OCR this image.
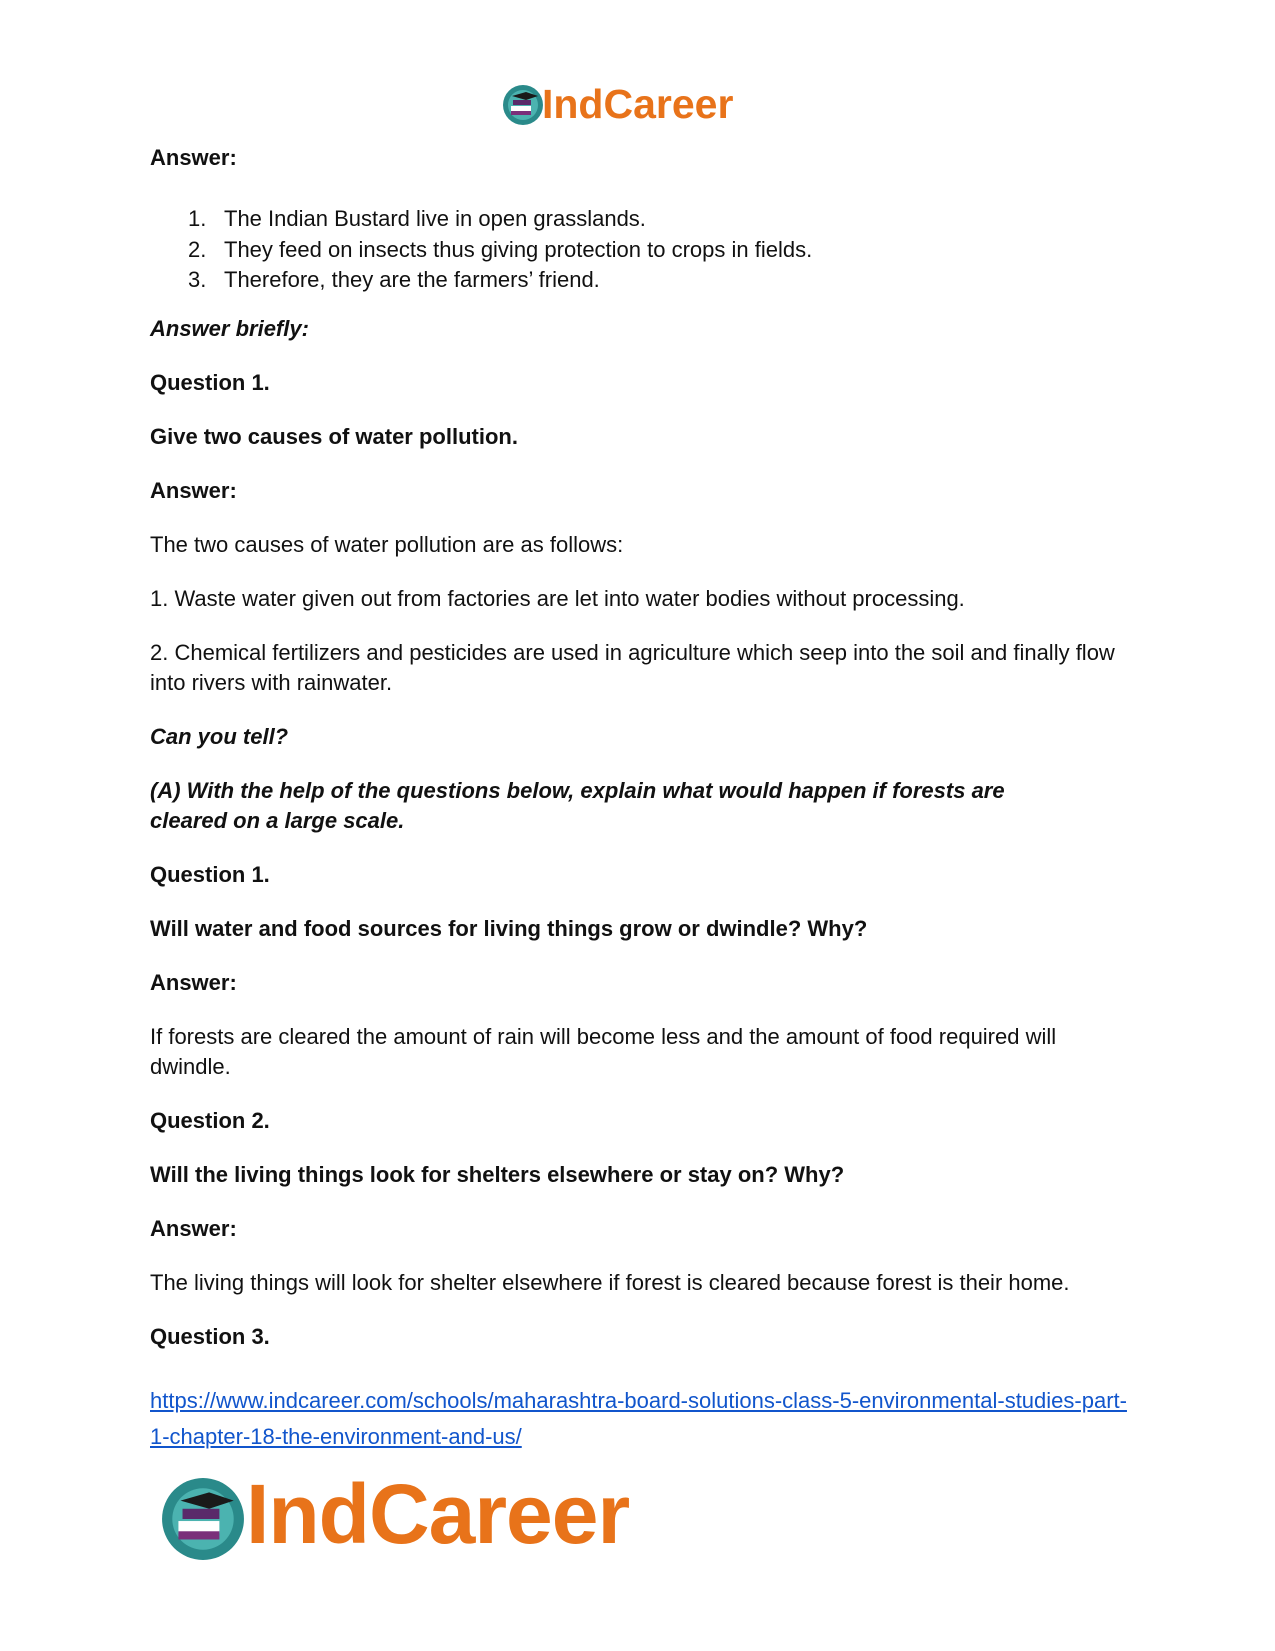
IndCareer

Answer:

1. The Indian Bustard live in open grasslands.
2. They feed on insects thus giving protection to crops in fields.
3. Therefore, they are the farmers’ friend.

Answer briefly:

Question 1.

Give two causes of water pollution.

Answer:

The two causes of water pollution are as follows:

1. Waste water given out from factories are let into water bodies without processing.

2. Chemical fertilizers and pesticides are used in agriculture which seep into the soil and finally flow into rivers with rainwater.

Can you tell?

(A) With the help of the questions below, explain what would happen if forests are cleared on a large scale.

Question 1.

Will water and food sources for living things grow or dwindle? Why?

Answer:

If forests are cleared the amount of rain will become less and the amount of food required will dwindle.

Question 2.

Will the living things look for shelters elsewhere or stay on? Why?

Answer:

The living things will look for shelter elsewhere if forest is cleared because forest is their home.

Question 3.

https://www.indcareer.com/schools/maharashtra-board-solutions-class-5-environmental-studies-part-1-chapter-18-the-environment-and-us/
IndCareer
